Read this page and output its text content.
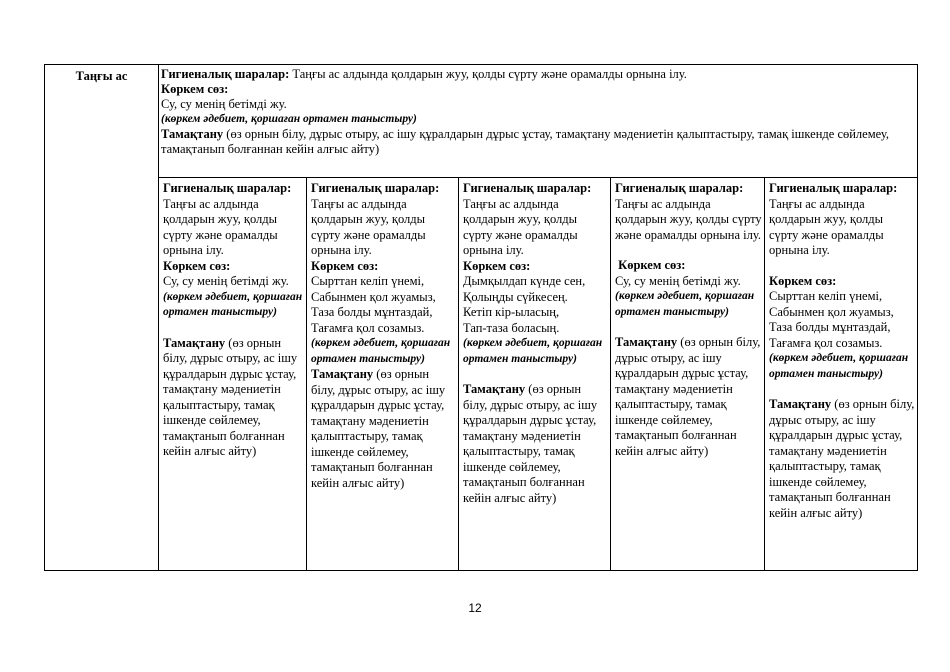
Таңғы ас	Гигиеналық шаралар: Таңғы ас алдында қолдарын жуу, қолды сүрту және орамалды орнына ілу.

Көркем сөз:

Су, су менің бетімді жу.

(көркем әдебиет, қоршаған ортамен таныстыру)

Тамақтану (өз орнын білу, дұрыс отыру, ас ішу құралдарын дұрыс ұстау, тамақтану мәдениетін қалыптастыру, тамақ ішкенде сөйлемеу, тамақтанып болғаннан кейін алғыс айту)

Гигиеналық шаралар: Таңғы ас алдында қолдарын жуу, қолды сүрту және орамалды орнына ілу.

Көркем сөз:

Су, су менің бетімді жу.

(көркем әдебиет, қоршаған ортамен таныстыру)

Тамақтану (өз орнын білу, дұрыс отыру, ас ішу құралдарын дұрыс ұстау, тамақтану мәдениетін қалыптастыру, тамақ ішкенде сөйлемеу, тамақтанып болғаннан кейін алғыс айту)

Гигиеналық шаралар: Таңғы ас алдында қолдарын жуу, қолды сүрту және орамалды орнына ілу.

Көркем сөз:

Сырттан келіп үнемі,

Сабынмен қол жуамыз,

Таза болды мұнтаздай,

Тағамға қол созамыз.

(көркем әдебиет, қоршаған ортамен таныстыру)

Тамақтану (өз орнын білу, дұрыс отыру, ас ішу құралдарын дұрыс ұстау, тамақтану мәдениетін қалыптастыру, тамақ ішкенде сөйлемеу, тамақтанып болғаннан кейін алғыс айту)

Гигиеналық шаралар: Таңғы ас алдында қолдарын жуу, қолды сүрту және орамалды орнына ілу.

Көркем сөз:

Дымқылдап күнде сен,

Қолыңды сүйкесең.

Кетіп кір-ыласың,

Тап-таза боласың.

(көркем әдебиет, қоршаған ортамен таныстыру)

Тамақтану (өз орнын білу, дұрыс отыру, ас ішу құралдарын дұрыс ұстау, тамақтану мәдениетін қалыптастыру, тамақ ішкенде сөйлемеу, тамақтанып болғаннан кейін алғыс айту)

Гигиеналық шаралар: Таңғы ас алдында қолдарын жуу, қолды сүрту және орамалды орнына ілу.

Көркем сөз:

Су, су менің бетімді жу.

(көркем әдебиет, қоршаған ортамен таныстыру)

Тамақтану (өз орнын білу, дұрыс отыру, ас ішу құралдарын дұрыс ұстау, тамақтану мәдениетін қалыптастыру, тамақ ішкенде сөйлемеу, тамақтанып болғаннан кейін алғыс айту)

Гигиеналық шаралар: Таңғы ас алдында қолдарын жуу, қолды сүрту және орамалды орнына ілу.

Көркем сөз:

Сырттан келіп үнемі,

Сабынмен қол жуамыз,

Таза болды мұнтаздай,

Тағамға қол созамыз.

(көркем әдебиет, қоршаған ортамен таныстыру)

Тамақтану (өз орнын білу, дұрыс отыру, ас ішу құралдарын дұрыс ұстау, тамақтану мәдениетін қалыптастыру, тамақ ішкенде сөйлемеу, тамақтанып болғаннан кейін алғыс айту)

12
